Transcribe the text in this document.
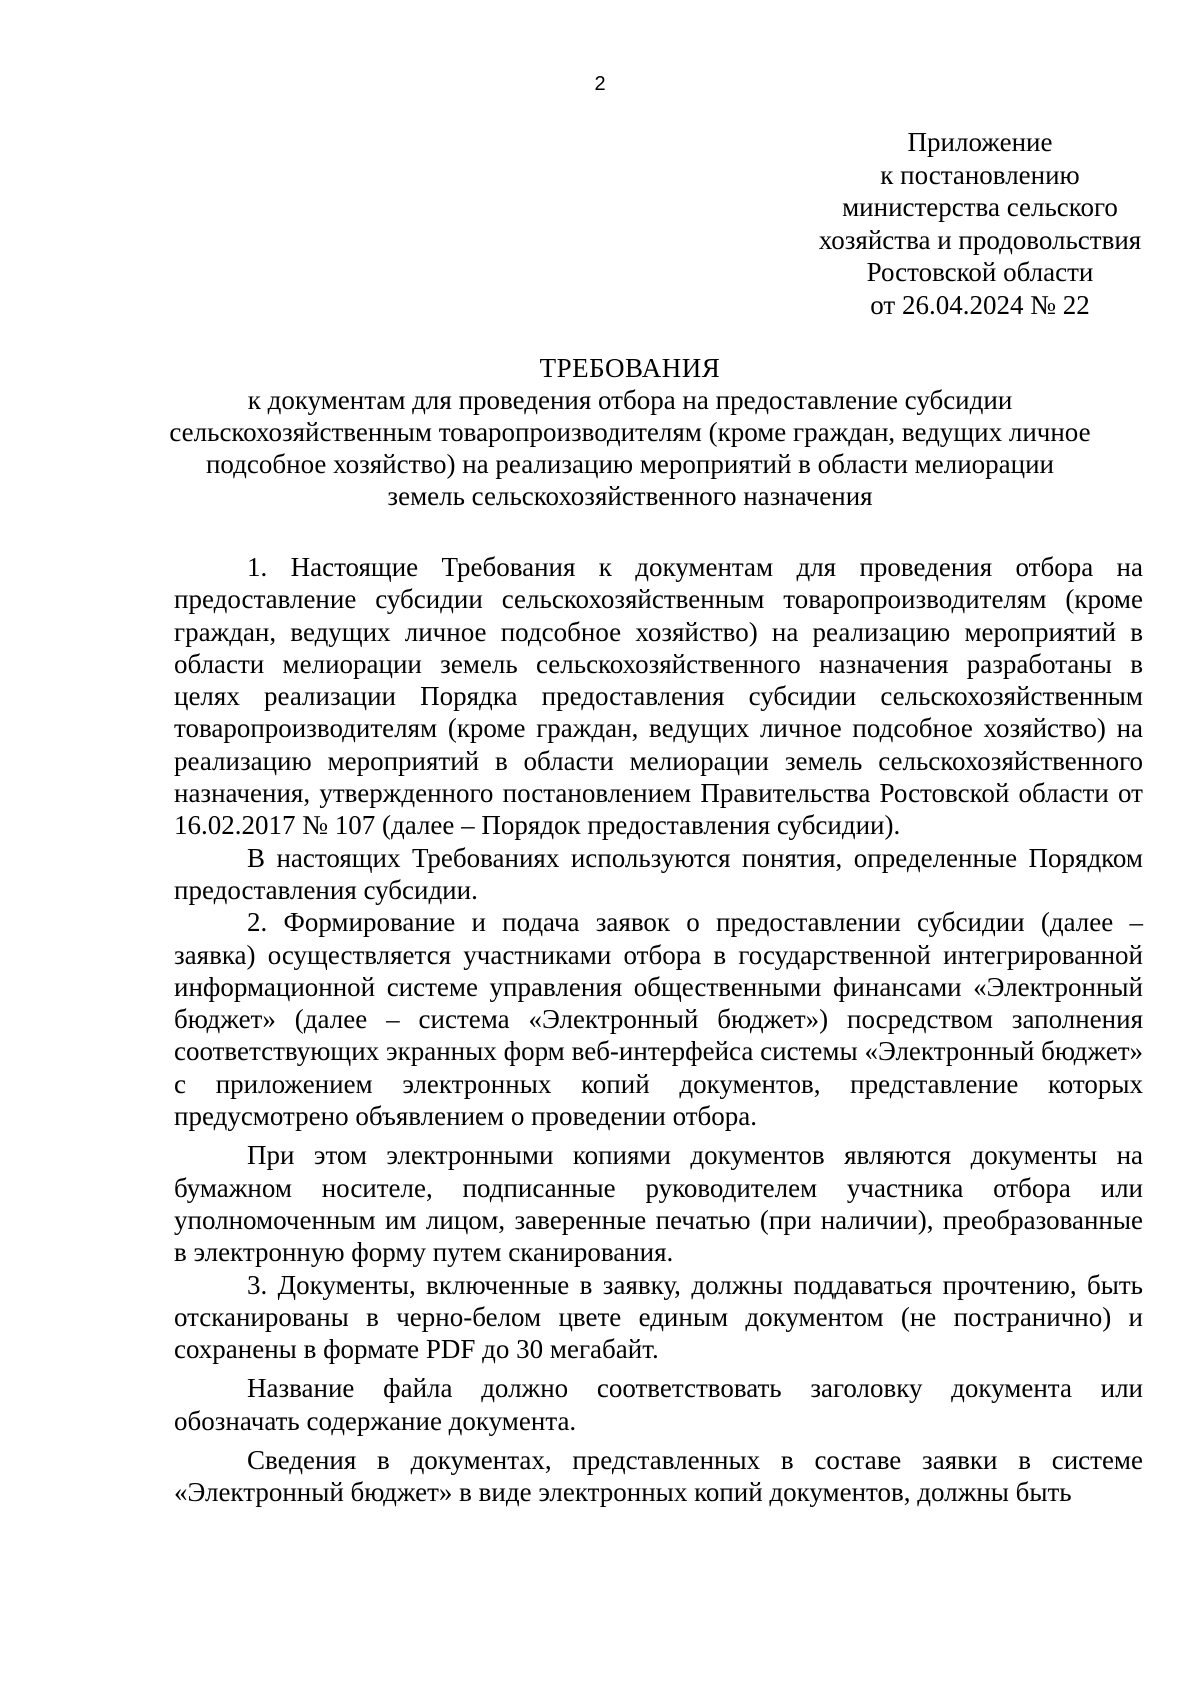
2
Приложение
к постановлению
министерства сельского
хозяйства и продовольствия
Ростовской области
от 26.04.2024 № 22
ТРЕБОВАНИЯ
к документам для проведения отбора на предоставление субсидии
сельскохозяйственным товаропроизводителям (кроме граждан, ведущих личное
подсобное хозяйство) на реализацию мероприятий в области мелиорации
земель сельскохозяйственного назначения

1. Настоящие Требования к документам для проведения отбора на предоставление субсидии сельскохозяйственным товаропроизводителям (кроме граждан, ведущих личное подсобное хозяйство) на реализацию мероприятий в области мелиорации земель сельскохозяйственного назначения разработаны в целях реализации Порядка предоставления субсидии сельскохозяйственным товаропроизводителям (кроме граждан, ведущих личное подсобное хозяйство) на реализацию мероприятий в области мелиорации земель сельскохозяйственного назначения, утвержденного постановлением Правительства Ростовской области от 16.02.2017 № 107 (далее – Порядок предоставления субсидии).

В настоящих Требованиях используются понятия, определенные Порядком предоставления субсидии.

2. Формирование и подача заявок о предоставлении субсидии (далее – заявка) осуществляется участниками отбора в государственной интегрированной информационной системе управления общественными финансами «Электронный бюджет» (далее – система «Электронный бюджет») посредством заполнения соответствующих экранных форм веб-интерфейса системы «Электронный бюджет» с приложением электронных копий документов, представление которых предусмотрено объявлением о проведении отбора.

При этом электронными копиями документов являются документы на бумажном носителе, подписанные руководителем участника отбора или уполномоченным им лицом, заверенные печатью (при наличии), преобразованные в электронную форму путем сканирования.

3. Документы, включенные в заявку, должны поддаваться прочтению, быть отсканированы в черно-белом цвете единым документом (не постранично) и сохранены в формате PDF до 30 мегабайт.

Название файла должно соответствовать заголовку документа или обозначать содержание документа.

Сведения в документах, представленных в составе заявки в системе «Электронный бюджет» в виде электронных копий документов, должны быть
